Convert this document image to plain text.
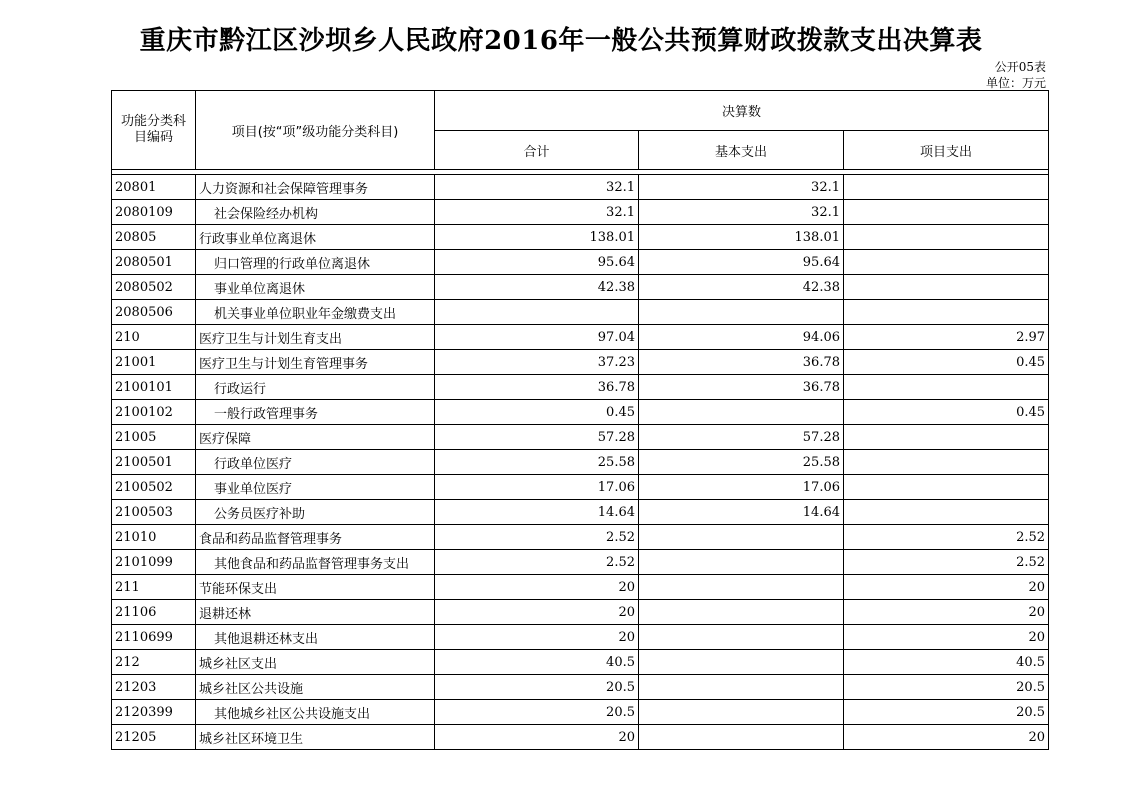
重庆市黔江区沙坝乡人民政府2016年一般公共预算财政拨款支出决算表
公开05表
单位：万元
功能分类科目编码	项目(按“项”级功能分类科目)	决算数		
		合计	基本支出	项目支出

20801	人力资源和社会保障管理事务	32.1	32.1	
2080109	社会保险经办机构	32.1	32.1	
20805	行政事业单位离退休	138.01	138.01	
2080501	归口管理的行政单位离退休	95.64	95.64	
2080502	事业单位离退休	42.38	42.38	
2080506	机关事业单位职业年金缴费支出			
210	医疗卫生与计划生育支出	97.04	94.06	2.97
21001	医疗卫生与计划生育管理事务	37.23	36.78	0.45
2100101	行政运行	36.78	36.78	
2100102	一般行政管理事务	0.45		0.45
21005	医疗保障	57.28	57.28	
2100501	行政单位医疗	25.58	25.58	
2100502	事业单位医疗	17.06	17.06	
2100503	公务员医疗补助	14.64	14.64	
21010	食品和药品监督管理事务	2.52		2.52
2101099	其他食品和药品监督管理事务支出	2.52		2.52
211	节能环保支出	20		20
21106	退耕还林	20		20
2110699	其他退耕还林支出	20		20
212	城乡社区支出	40.5		40.5
21203	城乡社区公共设施	20.5		20.5
2120399	其他城乡社区公共设施支出	20.5		20.5
21205	城乡社区环境卫生	20		20
